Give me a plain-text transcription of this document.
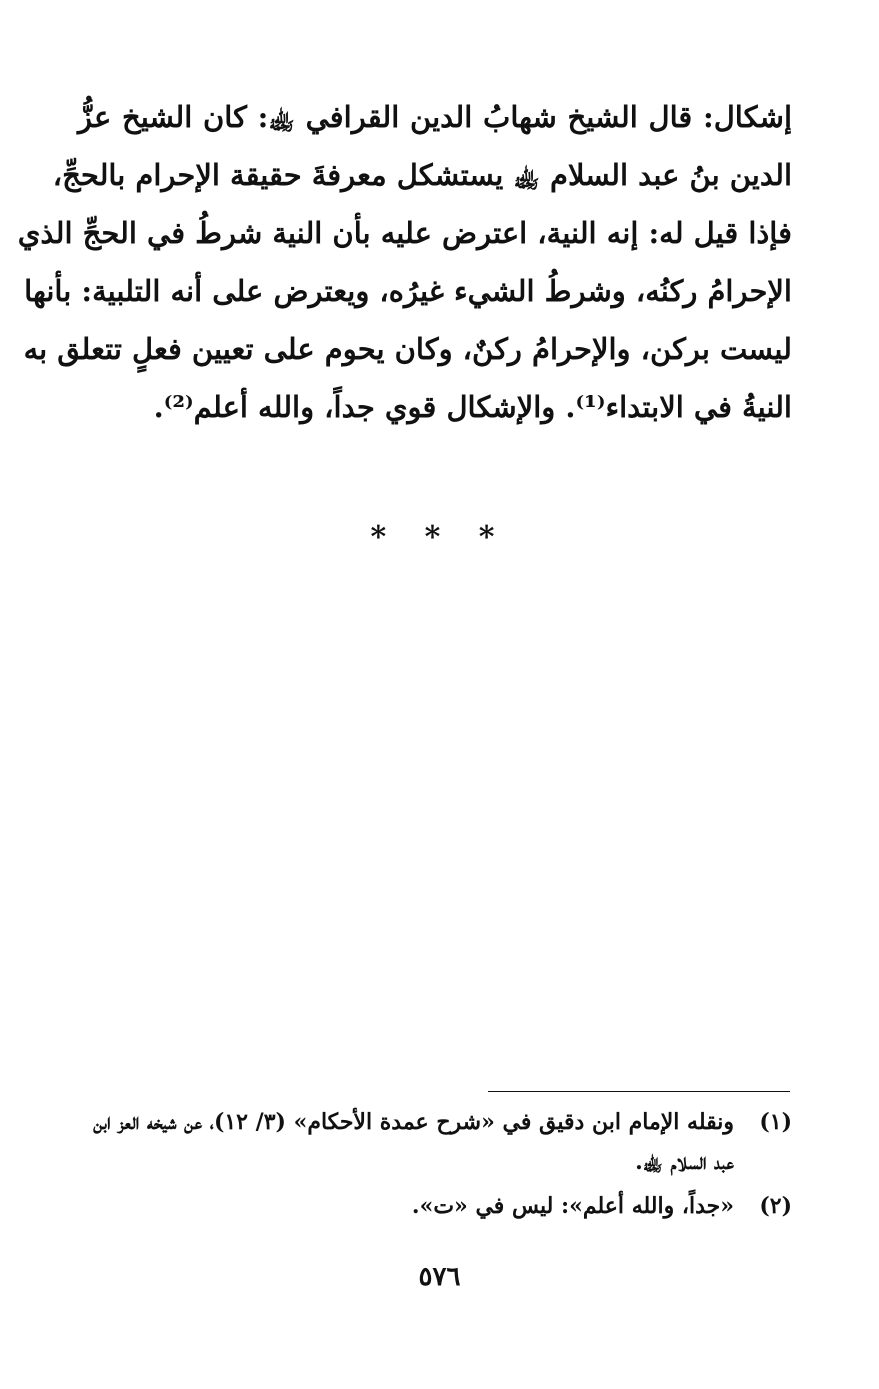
إشكال: قال الشيخ شهابُ الدين القرافي ﵀: كان الشيخ عزُّ
الدين بنُ عبد السلام ﵀ يستشكل معرفةَ حقيقة الإحرام بالحجِّ،
فإذا قيل له: إنه النية، اعترض عليه بأن النية شرطُ في الحجِّ الذي
الإحرامُ ركنُه، وشرطُ الشيء غيرُه، ويعترض على أنه التلبية: بأنها
ليست بركن، والإحرامُ ركنٌ، وكان يحوم على تعيين فعلٍ تتعلق به
النيةُ في الابتداء⁽¹⁾. والإشكال قوي جداً، والله أعلم⁽²⁾.
* * *
(١)
ونقله الإمام ابن دقيق في «شرح عمدة الأحكام» (٣/ ١٢)، عن شيخه العز ابن عبد السلام ﵀.
(٢)
«جداً، والله أعلم»: ليس في «ت».
٥٧٦
